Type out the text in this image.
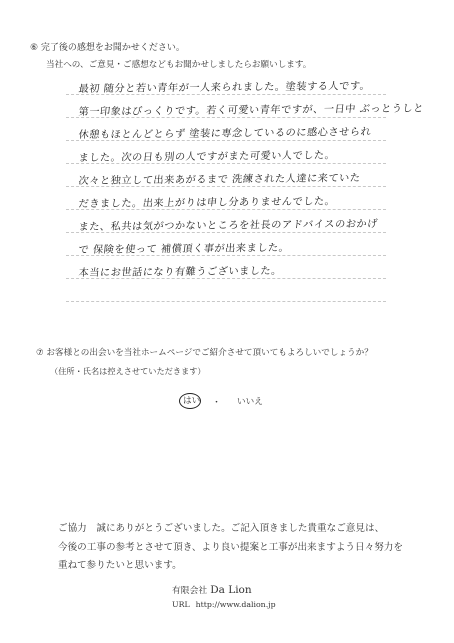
⑥ 完了後の感想をお聞かせください。
当社への、ご意見・ご感想などもお聞かせしましたらお願いします。
最初 随分と若い青年が一人来られました。塗装する人です。
第一印象はびっくりです。若く可愛い青年ですが、一日中 ぶっとうしと
休憩もほとんどとらず 塗装に専念しているのに感心させられ
ました。次の日も別の人ですがまた可愛い人でした。
次々と独立して出来あがるまで 洗練された人達に来ていた
だきました。出来上がりは申し分ありませんでした。
また、私共は気がつかないところを社長のアドバイスのおかげ
で 保険を使って 補償頂く事が出来ました。
本当にお世話になり有難うございました。
⑦ お客様との出会いを当社ホームページでご紹介させて頂いてもよろしいでしょうか？
（住所・氏名は控えさせていただきます）
はい ・ いいえ
ご協力　誠にありがとうございました。ご記入頂きました貴重なご意見は、
今後の工事の参考とさせて頂き、より良い提案と工事が出来ますよう日々努力を
重ねて参りたいと思います。
有限会社 Da Lion
URL http://www.dalion.jp
